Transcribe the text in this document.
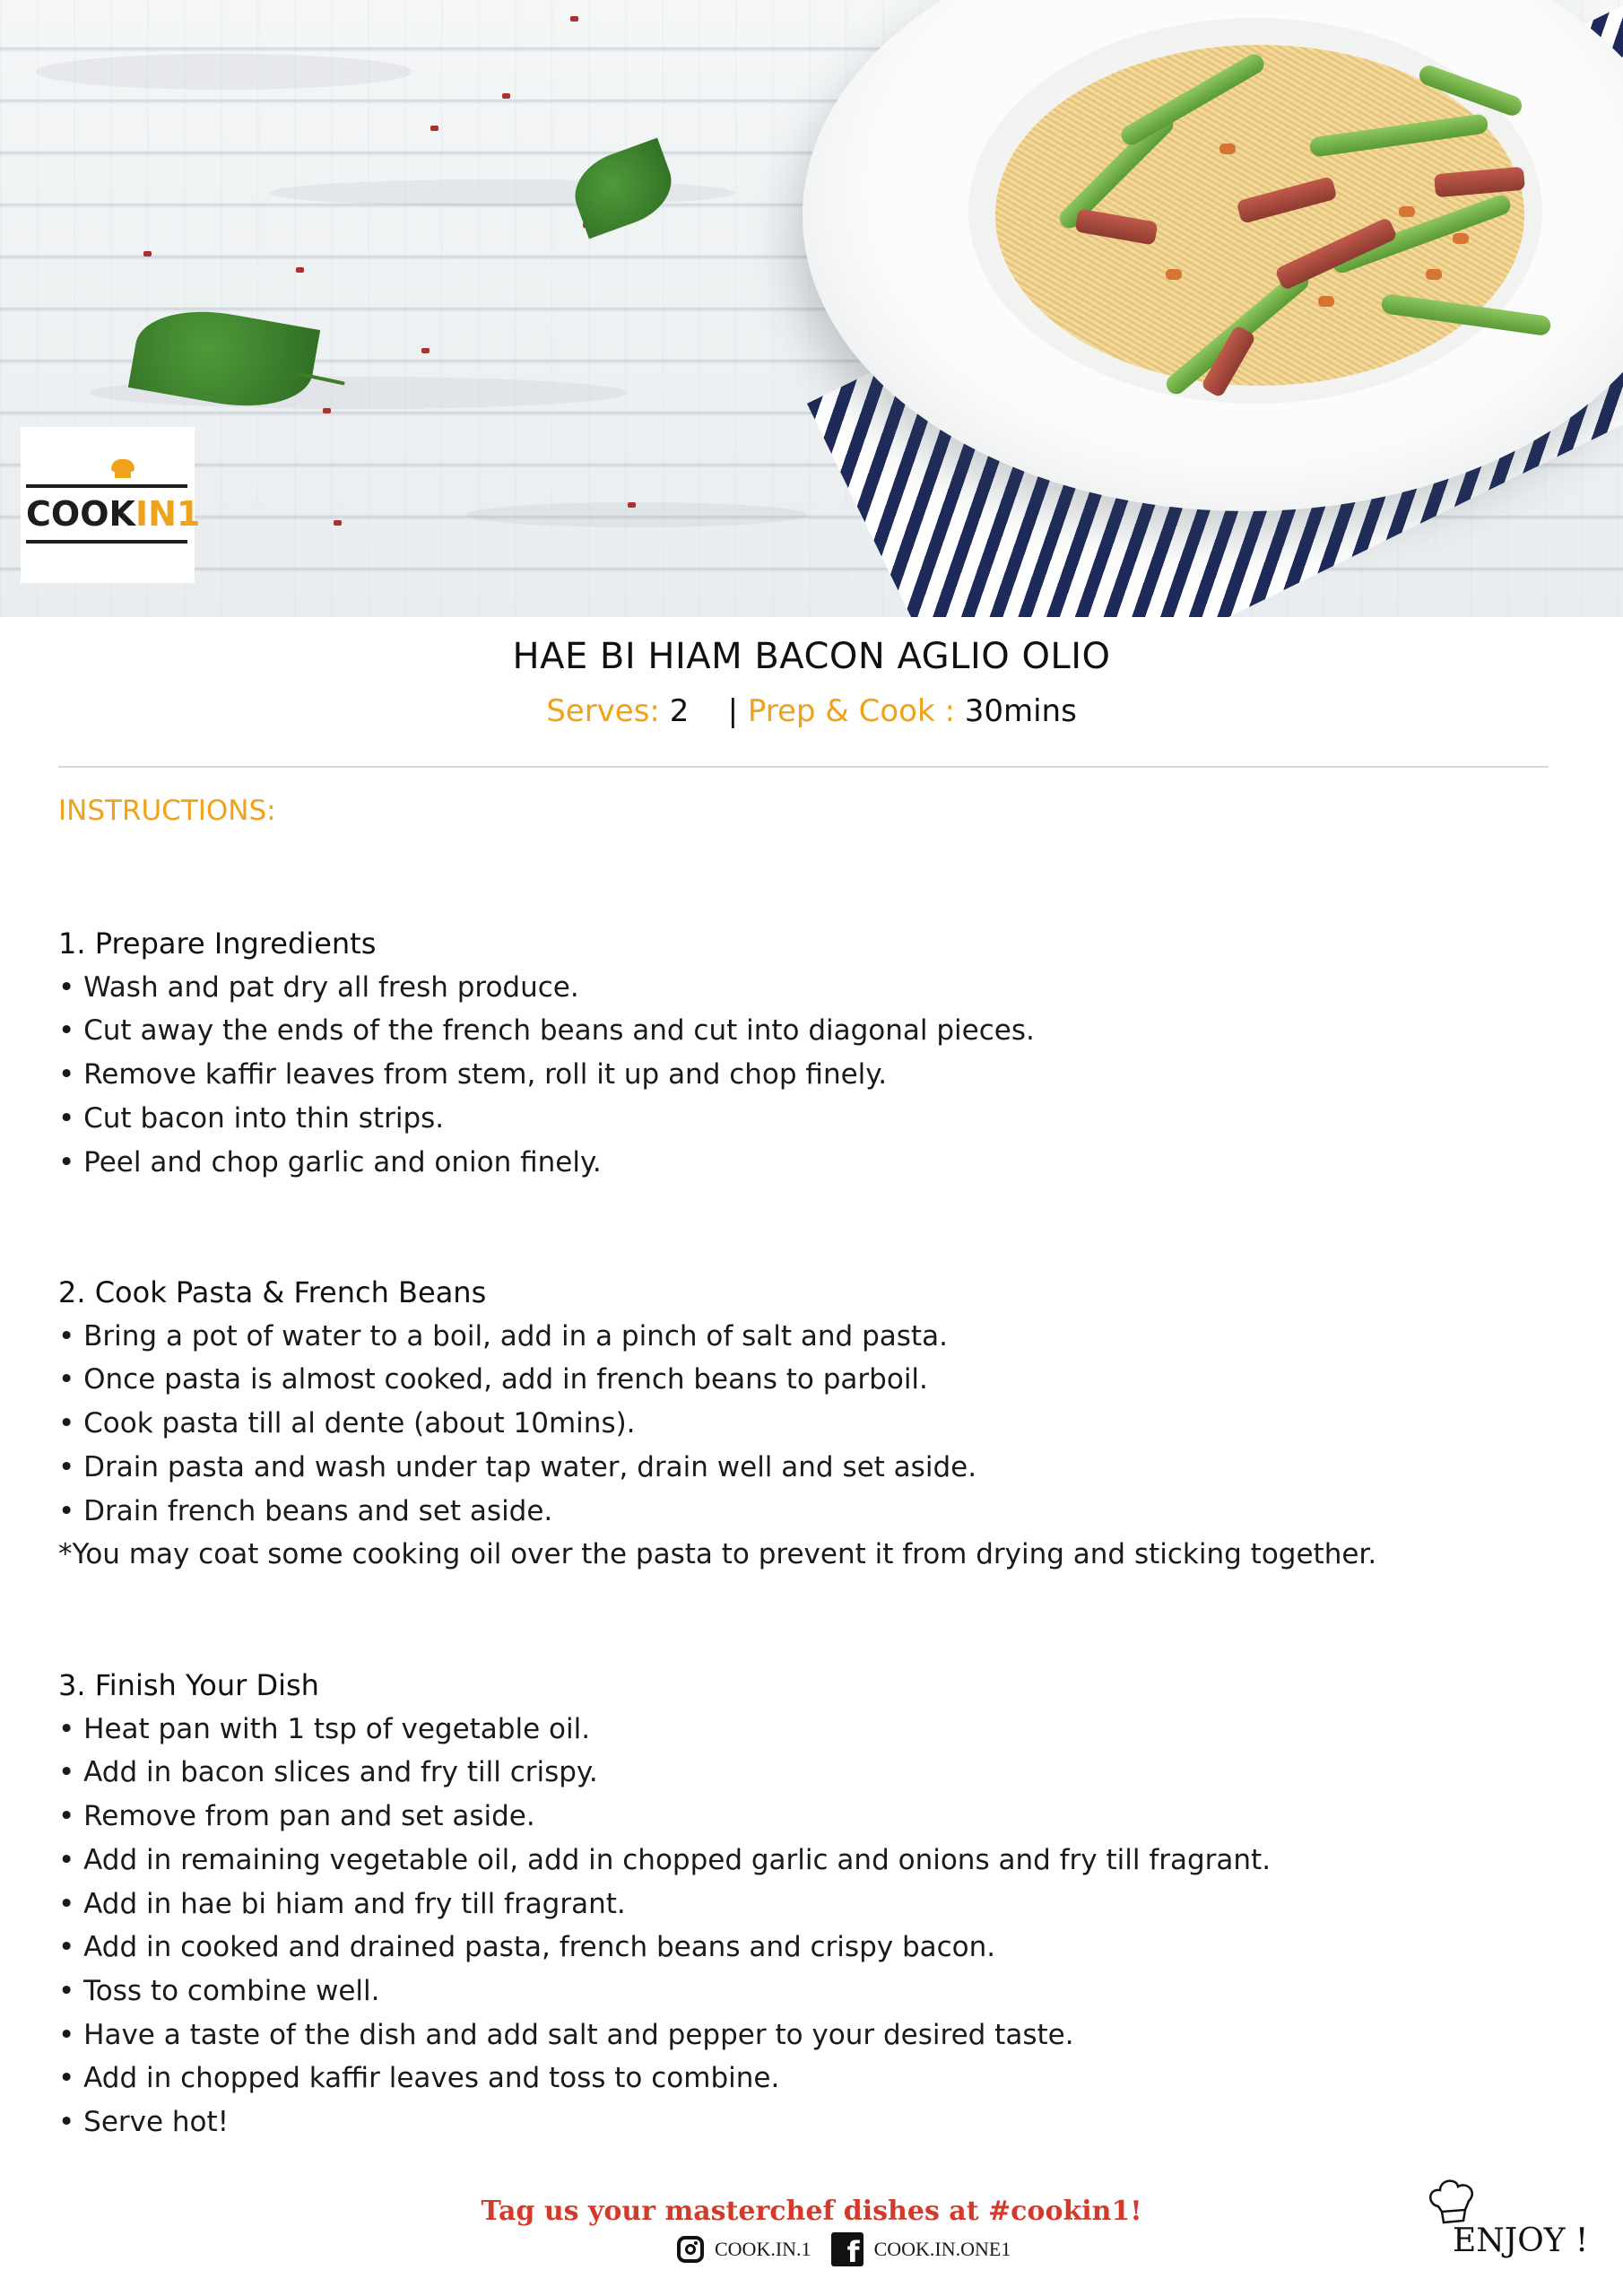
COOKIN1
HAE BI HIAM BACON AGLIO OLIO
Serves: 2 | Prep & Cook : 30mins
INSTRUCTIONS:
1. Prepare Ingredients
• Wash and pat dry all fresh produce.
• Cut away the ends of the french beans and cut into diagonal pieces.
• Remove kaffir leaves from stem, roll it up and chop finely.
• Cut bacon into thin strips.
• Peel and chop garlic and onion finely.
2. Cook Pasta & French Beans
• Bring a pot of water to a boil, add in a pinch of salt and pasta.
• Once pasta is almost cooked, add in french beans to parboil.
• Cook pasta till al dente (about 10mins).
• Drain pasta and wash under tap water, drain well and set aside.
• Drain french beans and set aside.
*You may coat some cooking oil over the pasta to prevent it from drying and sticking together.
3. Finish Your Dish
• Heat pan with 1 tsp of vegetable oil.
• Add in bacon slices and fry till crispy.
• Remove from pan and set aside.
• Add in remaining vegetable oil, add in chopped garlic and onions and fry till fragrant.
• Add in hae bi hiam and fry till fragrant.
• Add in cooked and drained pasta, french beans and crispy bacon.
• Toss to combine well.
• Have a taste of the dish and add salt and pepper to your desired taste.
• Add in chopped kaffir leaves and toss to combine.
• Serve hot!
Tag us your masterchef dishes at #cookin1!
COOK.IN.1	f COOK.IN.ONE1	ENJOY !
